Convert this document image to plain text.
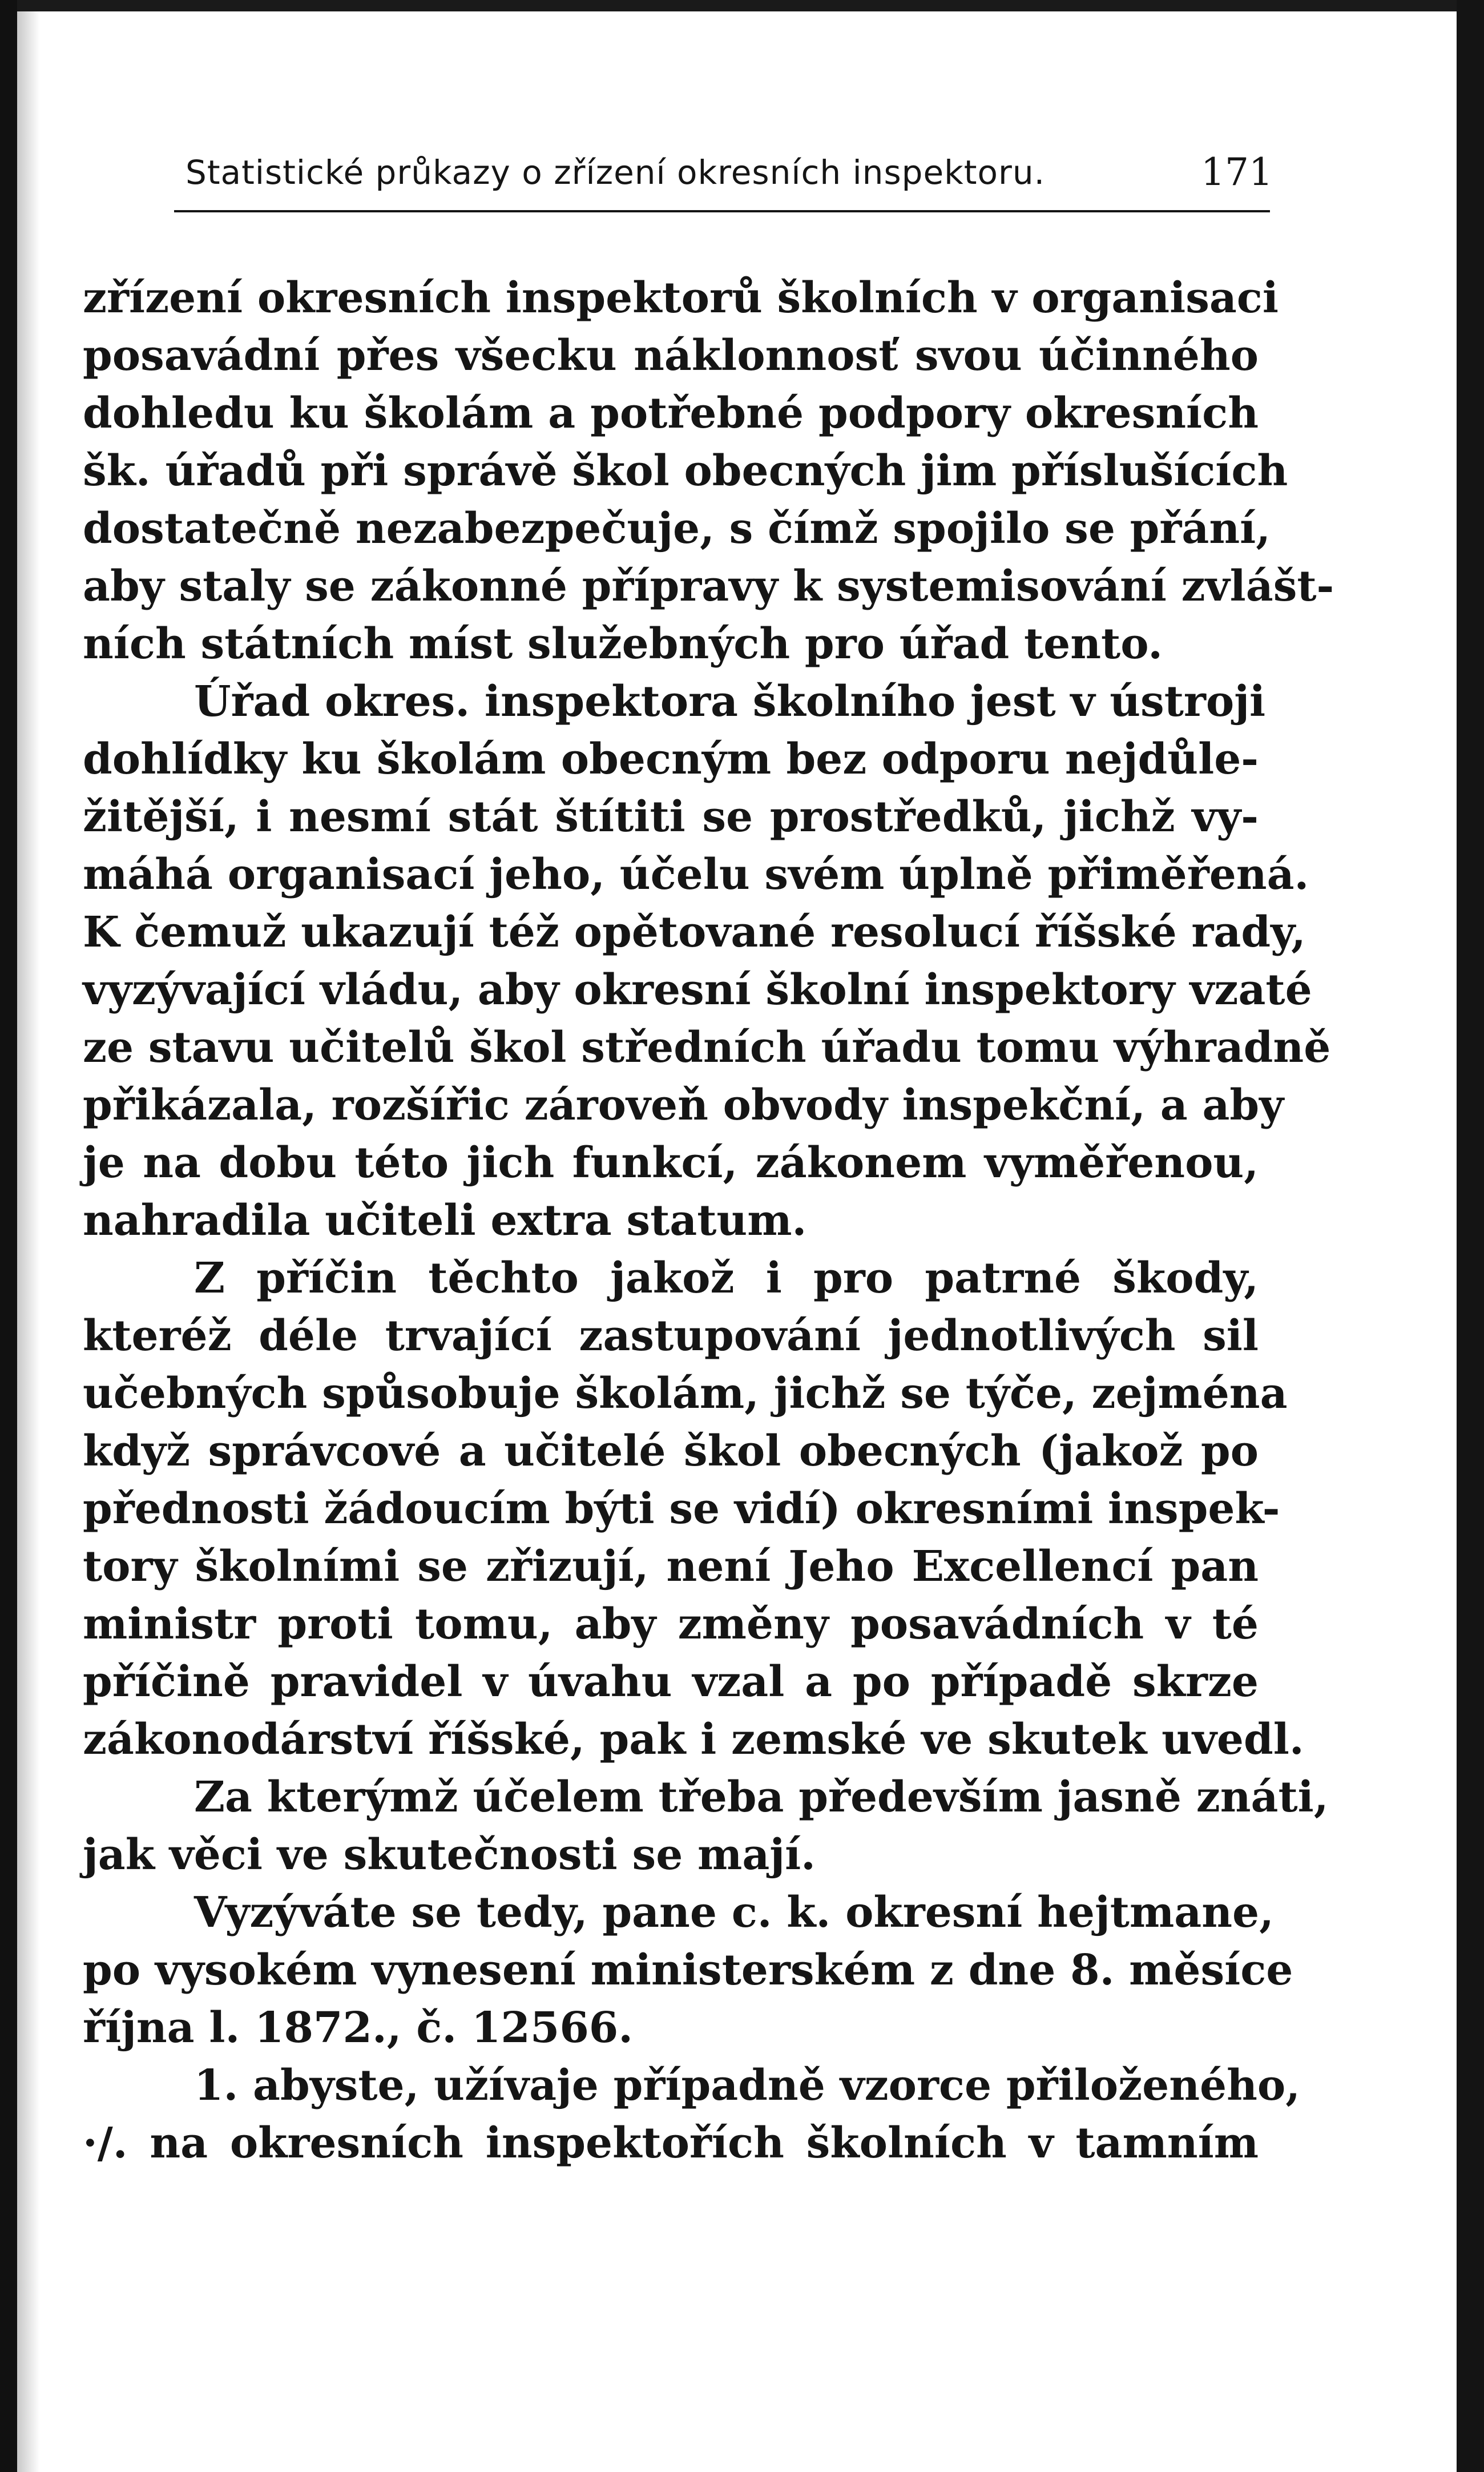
Statistické průkazy o zřízení okresních inspektoru.	171
zřízení okresních inspektorů školních v organisaci
posavádní přes všecku náklonnosť svou účinného
dohledu ku školám a potřebné podpory okresních
šk. úřadů při správě škol obecných jim příslušících
dostatečně nezabezpečuje, s čímž spojilo se přání,
aby staly se zákonné přípravy k systemisování zvlášt-
ních státních míst služebných pro úřad tento.
Úřad okres. inspektora školního jest v ústroji
dohlídky ku školám obecným bez odporu nejdůle-
žitější, i nesmí stát štítiti se prostředků, jichž vy-
máhá organisací jeho, účelu svém úplně přiměřená.
K čemuž ukazují též opětované resolucí říšské rady,
vyzývající vládu, aby okresní školní inspektory vzaté
ze stavu učitelů škol středních úřadu tomu výhradně
přikázala, rozšířic zároveň obvody inspekční, a aby
je na dobu této jich funkcí, zákonem vyměřenou,
nahradila učiteli extra statum.
Z příčin těchto jakož i pro patrné škody,
kteréž déle trvající zastupování jednotlivých sil
učebných spůsobuje školám, jichž se týče, zejména
když správcové a učitelé škol obecných (jakož po
přednosti žádoucím býti se vidí) okresními inspek-
tory školními se zřizují, není Jeho Excellencí pan
ministr proti tomu, aby změny posavádních v té
příčině pravidel v úvahu vzal a po případě skrze
zákonodárství říšské, pak i zemské ve skutek uvedl.
Za kterýmž účelem třeba především jasně znáti,
jak věci ve skutečnosti se mají.
Vyzýváte se tedy, pane c. k. okresní hejtmane,
po vysokém vynesení ministerském z dne 8. měsíce
října l. 1872., č. 12566.
1. abyste, užívaje případně vzorce přiloženého,
·/. na okresních inspektořích školních v tamním
